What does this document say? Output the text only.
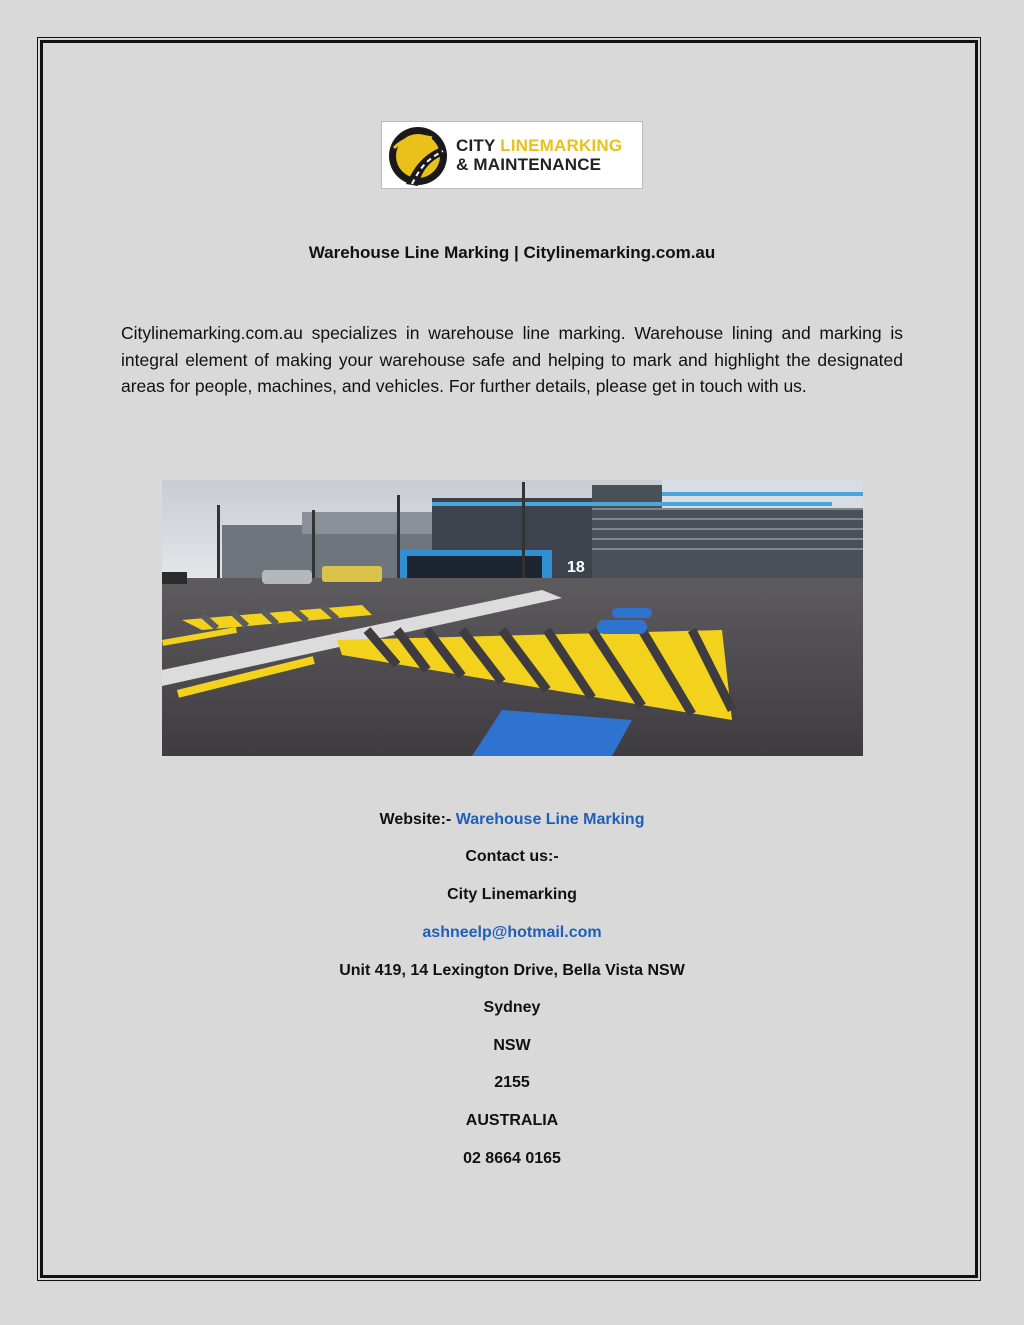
CITY LINEMARKING
& MAINTENANCE
Warehouse Line Marking | Citylinemarking.com.au
Citylinemarking.com.au specializes in warehouse line marking. Warehouse lining and marking is integral element of making your warehouse safe and helping to mark and highlight the designated areas for people, machines, and vehicles. For further details, please get in touch with us.
18
Website:- Warehouse Line Marking
Contact us:-
City Linemarking
ashneelp@hotmail.com
Unit 419, 14 Lexington Drive, Bella Vista NSW
Sydney
NSW
2155
AUSTRALIA
02 8664 0165
